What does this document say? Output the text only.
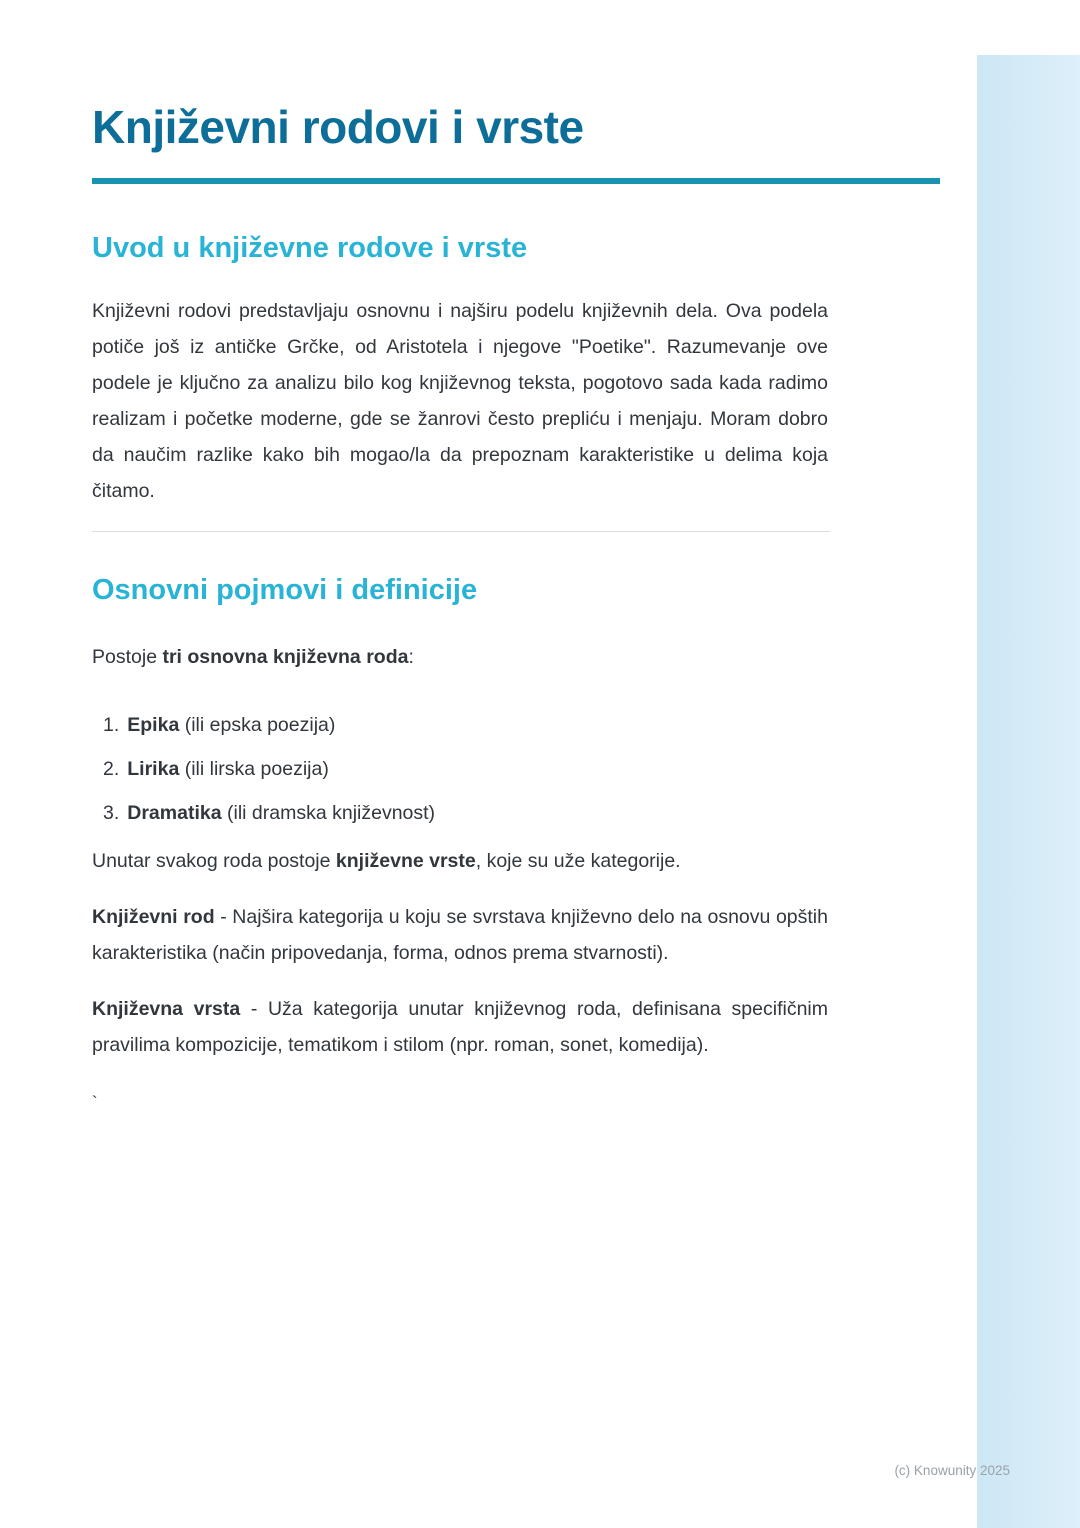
Književni rodovi i vrste
Uvod u književne rodove i vrste

Književni rodovi predstavljaju osnovnu i najširu podelu književnih dela. Ova podela potiče još iz antičke Grčke, od Aristotela i njegove "Poetike". Razumevanje ove podele je ključno za analizu bilo kog književnog teksta, pogotovo sada kada radimo realizam i početke moderne, gde se žanrovi često prepliću i menjaju. Moram dobro da naučim razlike kako bih mogao/la da prepoznam karakteristike u delima koja čitamo.

Osnovni pojmovi i definicije

Postoje tri osnovna književna roda:

1. Epika (ili epska poezija)
2. Lirika (ili lirska poezija)
3. Dramatika (ili dramska književnost)

Unutar svakog roda postoje književne vrste, koje su uže kategorije.

Književni rod - Najšira kategorija u koju se svrstava književno delo na osnovu opštih karakteristika (način pripovedanja, forma, odnos prema stvarnosti).

Književna vrsta - Uža kategorija unutar književnog roda, definisana specifičnim pravilima kompozicije, tematikom i stilom (npr. roman, sonet, komedija).

`

(c) Knowunity 2025
